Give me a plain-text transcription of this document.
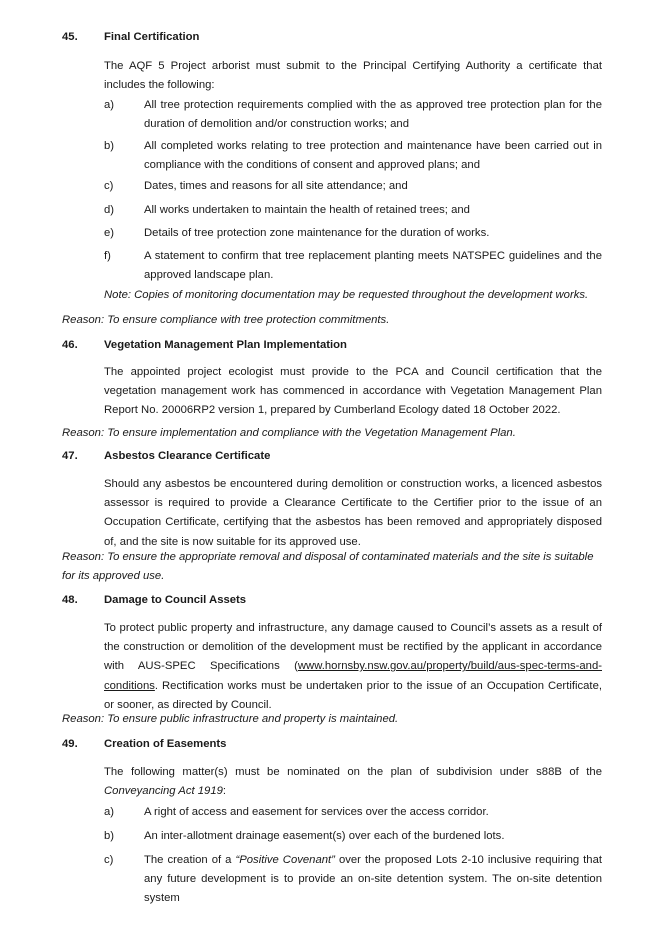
45. Final Certification
The AQF 5 Project arborist must submit to the Principal Certifying Authority a certificate that includes the following:
a)	All tree protection requirements complied with the as approved tree protection plan for the duration of demolition and/or construction works; and
b)	All completed works relating to tree protection and maintenance have been carried out in compliance with the conditions of consent and approved plans; and
c)	Dates, times and reasons for all site attendance; and
d)	All works undertaken to maintain the health of retained trees; and
e)	Details of tree protection zone maintenance for the duration of works.
f)	A statement to confirm that tree replacement planting meets NATSPEC guidelines and the approved landscape plan.
Note: Copies of monitoring documentation may be requested throughout the development works.
Reason: To ensure compliance with tree protection commitments.
46. Vegetation Management Plan Implementation
The appointed project ecologist must provide to the PCA and Council certification that the vegetation management work has commenced in accordance with Vegetation Management Plan Report No. 20006RP2 version 1, prepared by Cumberland Ecology dated 18 October 2022.
Reason: To ensure implementation and compliance with the Vegetation Management Plan.
47. Asbestos Clearance Certificate
Should any asbestos be encountered during demolition or construction works, a licenced asbestos assessor is required to provide a Clearance Certificate to the Certifier prior to the issue of an Occupation Certificate, certifying that the asbestos has been removed and appropriately disposed of, and the site is now suitable for its approved use.
Reason: To ensure the appropriate removal and disposal of contaminated materials and the site is suitable for its approved use.
48. Damage to Council Assets
To protect public property and infrastructure, any damage caused to Council’s assets as a result of the construction or demolition of the development must be rectified by the applicant in accordance with AUS-SPEC Specifications (www.hornsby.nsw.gov.au/property/build/aus-spec-terms-and-conditions. Rectification works must be undertaken prior to the issue of an Occupation Certificate, or sooner, as directed by Council.
Reason: To ensure public infrastructure and property is maintained.
49. Creation of Easements
The following matter(s) must be nominated on the plan of subdivision under s88B of the Conveyancing Act 1919:
a)	A right of access and easement for services over the access corridor.
b)	An inter-allotment drainage easement(s) over each of the burdened lots.
c)	The creation of a “Positive Covenant” over the proposed Lots 2-10 inclusive requiring that any future development is to provide an on-site detention system. The on-site detention system
